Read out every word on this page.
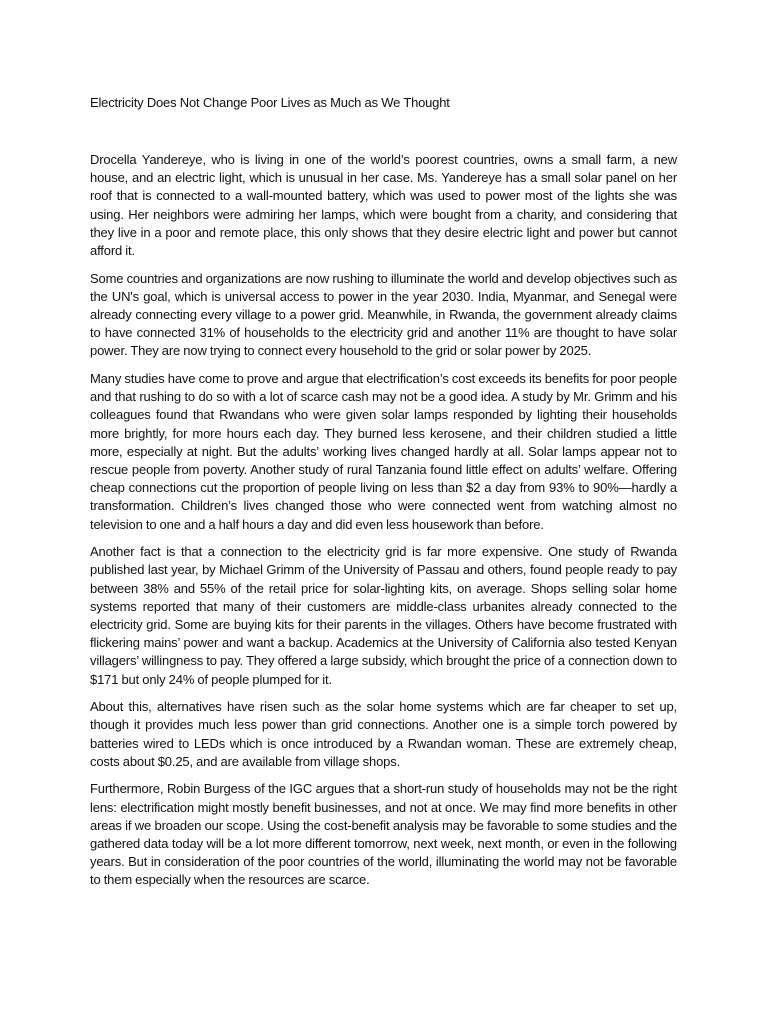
Electricity Does Not Change Poor Lives as Much as We Thought

Drocella Yandereye, who is living in one of the world’s poorest countries, owns a small farm, a new house, and an electric light, which is unusual in her case. Ms. Yandereye has a small solar panel on her roof that is connected to a wall-mounted battery, which was used to power most of the lights she was using. Her neighbors were admiring her lamps, which were bought from a charity, and considering that they live in a poor and remote place, this only shows that they desire electric light and power but cannot afford it.

Some countries and organizations are now rushing to illuminate the world and develop objectives such as the UN's goal, which is universal access to power in the year 2030. India, Myanmar, and Senegal were already connecting every village to a power grid. Meanwhile, in Rwanda, the government already claims to have connected 31% of households to the electricity grid and another 11% are thought to have solar power. They are now trying to connect every household to the grid or solar power by 2025.

Many studies have come to prove and argue that electrification’s cost exceeds its benefits for poor people and that rushing to do so with a lot of scarce cash may not be a good idea. A study by Mr. Grimm and his colleagues found that Rwandans who were given solar lamps responded by lighting their households more brightly, for more hours each day. They burned less kerosene, and their children studied a little more, especially at night. But the adults’ working lives changed hardly at all. Solar lamps appear not to rescue people from poverty. Another study of rural Tanzania found little effect on adults’ welfare. Offering cheap connections cut the proportion of people living on less than $2 a day from 93% to 90%—hardly a transformation. Children’s lives changed those who were connected went from watching almost no television to one and a half hours a day and did even less housework than before.

Another fact is that a connection to the electricity grid is far more expensive. One study of Rwanda published last year, by Michael Grimm of the University of Passau and others, found people ready to pay between 38% and 55% of the retail price for solar-lighting kits, on average. Shops selling solar home systems reported that many of their customers are middle-class urbanites already connected to the electricity grid. Some are buying kits for their parents in the villages. Others have become frustrated with flickering mains’ power and want a backup. Academics at the University of California also tested Kenyan villagers’ willingness to pay. They offered a large subsidy, which brought the price of a connection down to $171 but only 24% of people plumped for it.

About this, alternatives have risen such as the solar home systems which are far cheaper to set up, though it provides much less power than grid connections. Another one is a simple torch powered by batteries wired to LEDs which is once introduced by a Rwandan woman. These are extremely cheap, costs about $0.25, and are available from village shops.

Furthermore, Robin Burgess of the IGC argues that a short-run study of households may not be the right lens: electrification might mostly benefit businesses, and not at once. We may find more benefits in other areas if we broaden our scope. Using the cost-benefit analysis may be favorable to some studies and the gathered data today will be a lot more different tomorrow, next week, next month, or even in the following years. But in consideration of the poor countries of the world, illuminating the world may not be favorable to them especially when the resources are scarce.
